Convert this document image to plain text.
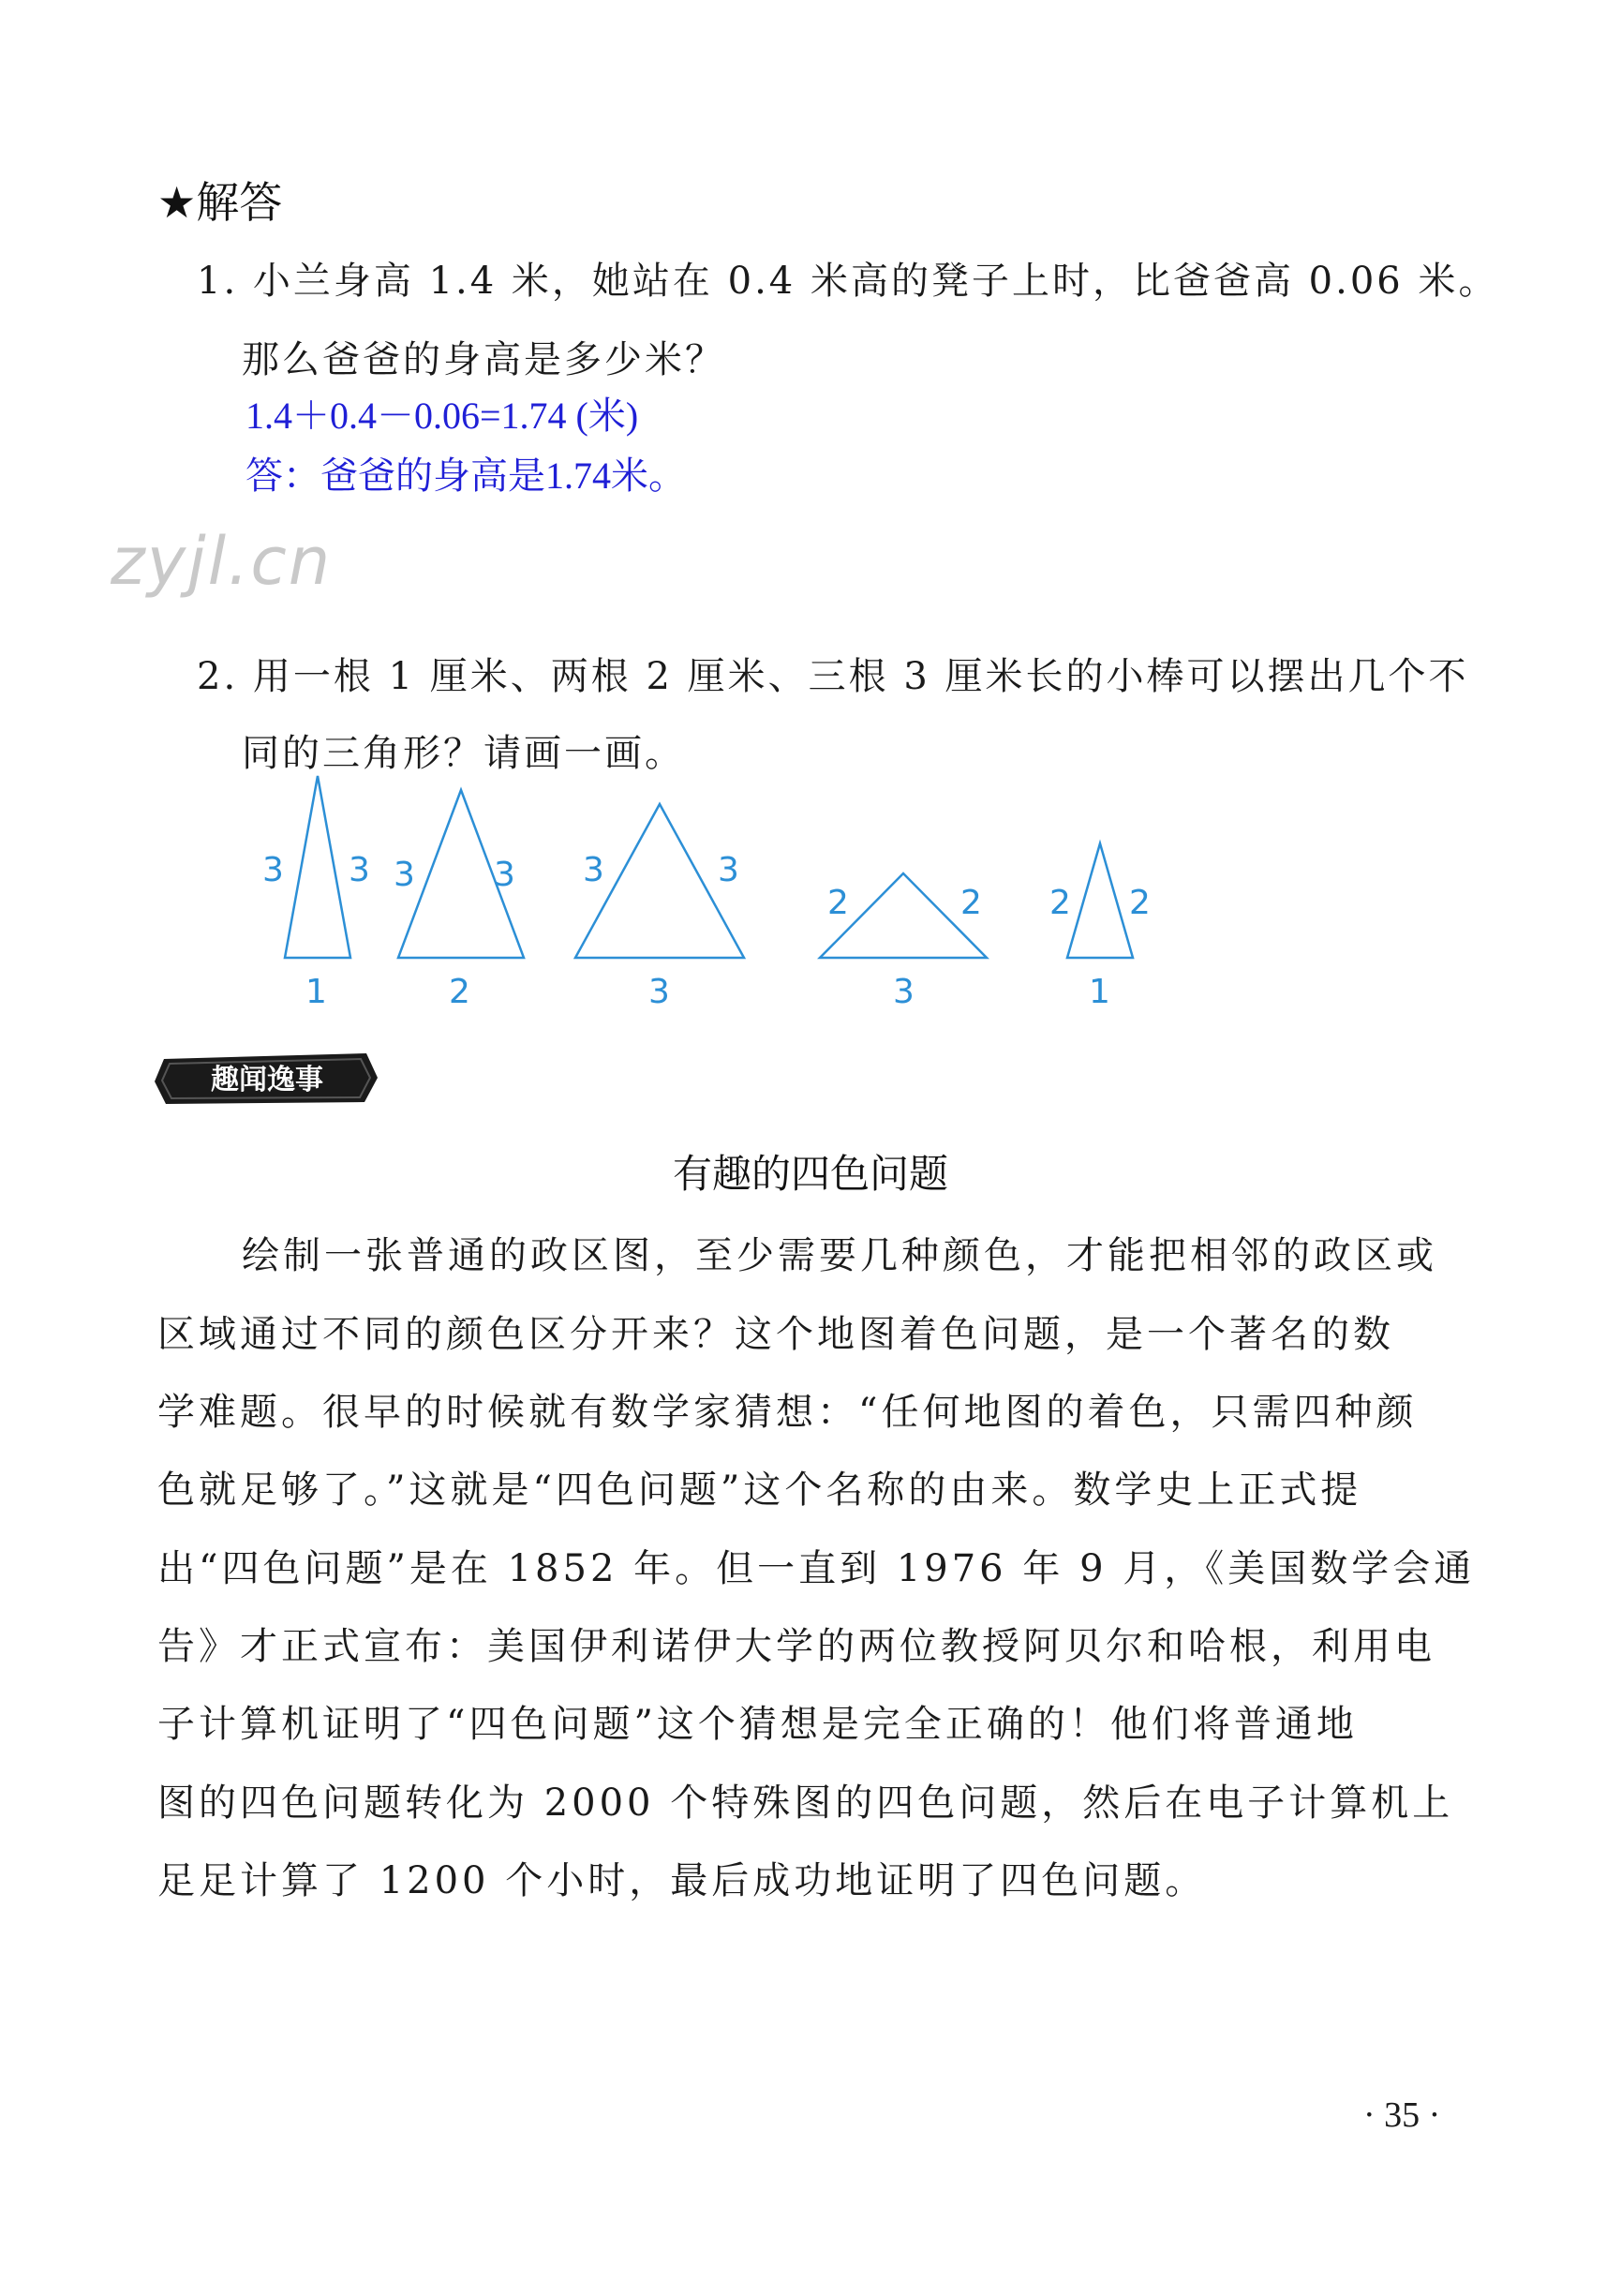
★解答
1. 小兰身高 1.4 米，她站在 0.4 米高的凳子上时，比爸爸高 0.06 米。
那么爸爸的身高是多少米？
1.4＋0.4－0.06=1.74 (米)
答：爸爸的身高是1.74米。
zyjl.cn
2. 用一根 1 厘米、两根 2 厘米、三根 3 厘米长的小棒可以摆出几个不
同的三角形？请画一画。
3 3
1
3 3
2
3	3
3
2	2
3
2 2
1
趣闻逸事
有趣的四色问题
绘制一张普通的政区图，至少需要几种颜色，才能把相邻的政区或
区域通过不同的颜色区分开来？这个地图着色问题，是一个著名的数
学难题。很早的时候就有数学家猜想：“任何地图的着色，只需四种颜
色就足够了。”这就是“四色问题”这个名称的由来。数学史上正式提
出“四色问题”是在 1852 年。但一直到 1976 年 9 月，《美国数学会通
告》才正式宣布：美国伊利诺伊大学的两位教授阿贝尔和哈根，利用电
子计算机证明了“四色问题”这个猜想是完全正确的！他们将普通地
图的四色问题转化为 2000 个特殊图的四色问题，然后在电子计算机上
足足计算了 1200 个小时，最后成功地证明了四色问题。
· 35 ·
